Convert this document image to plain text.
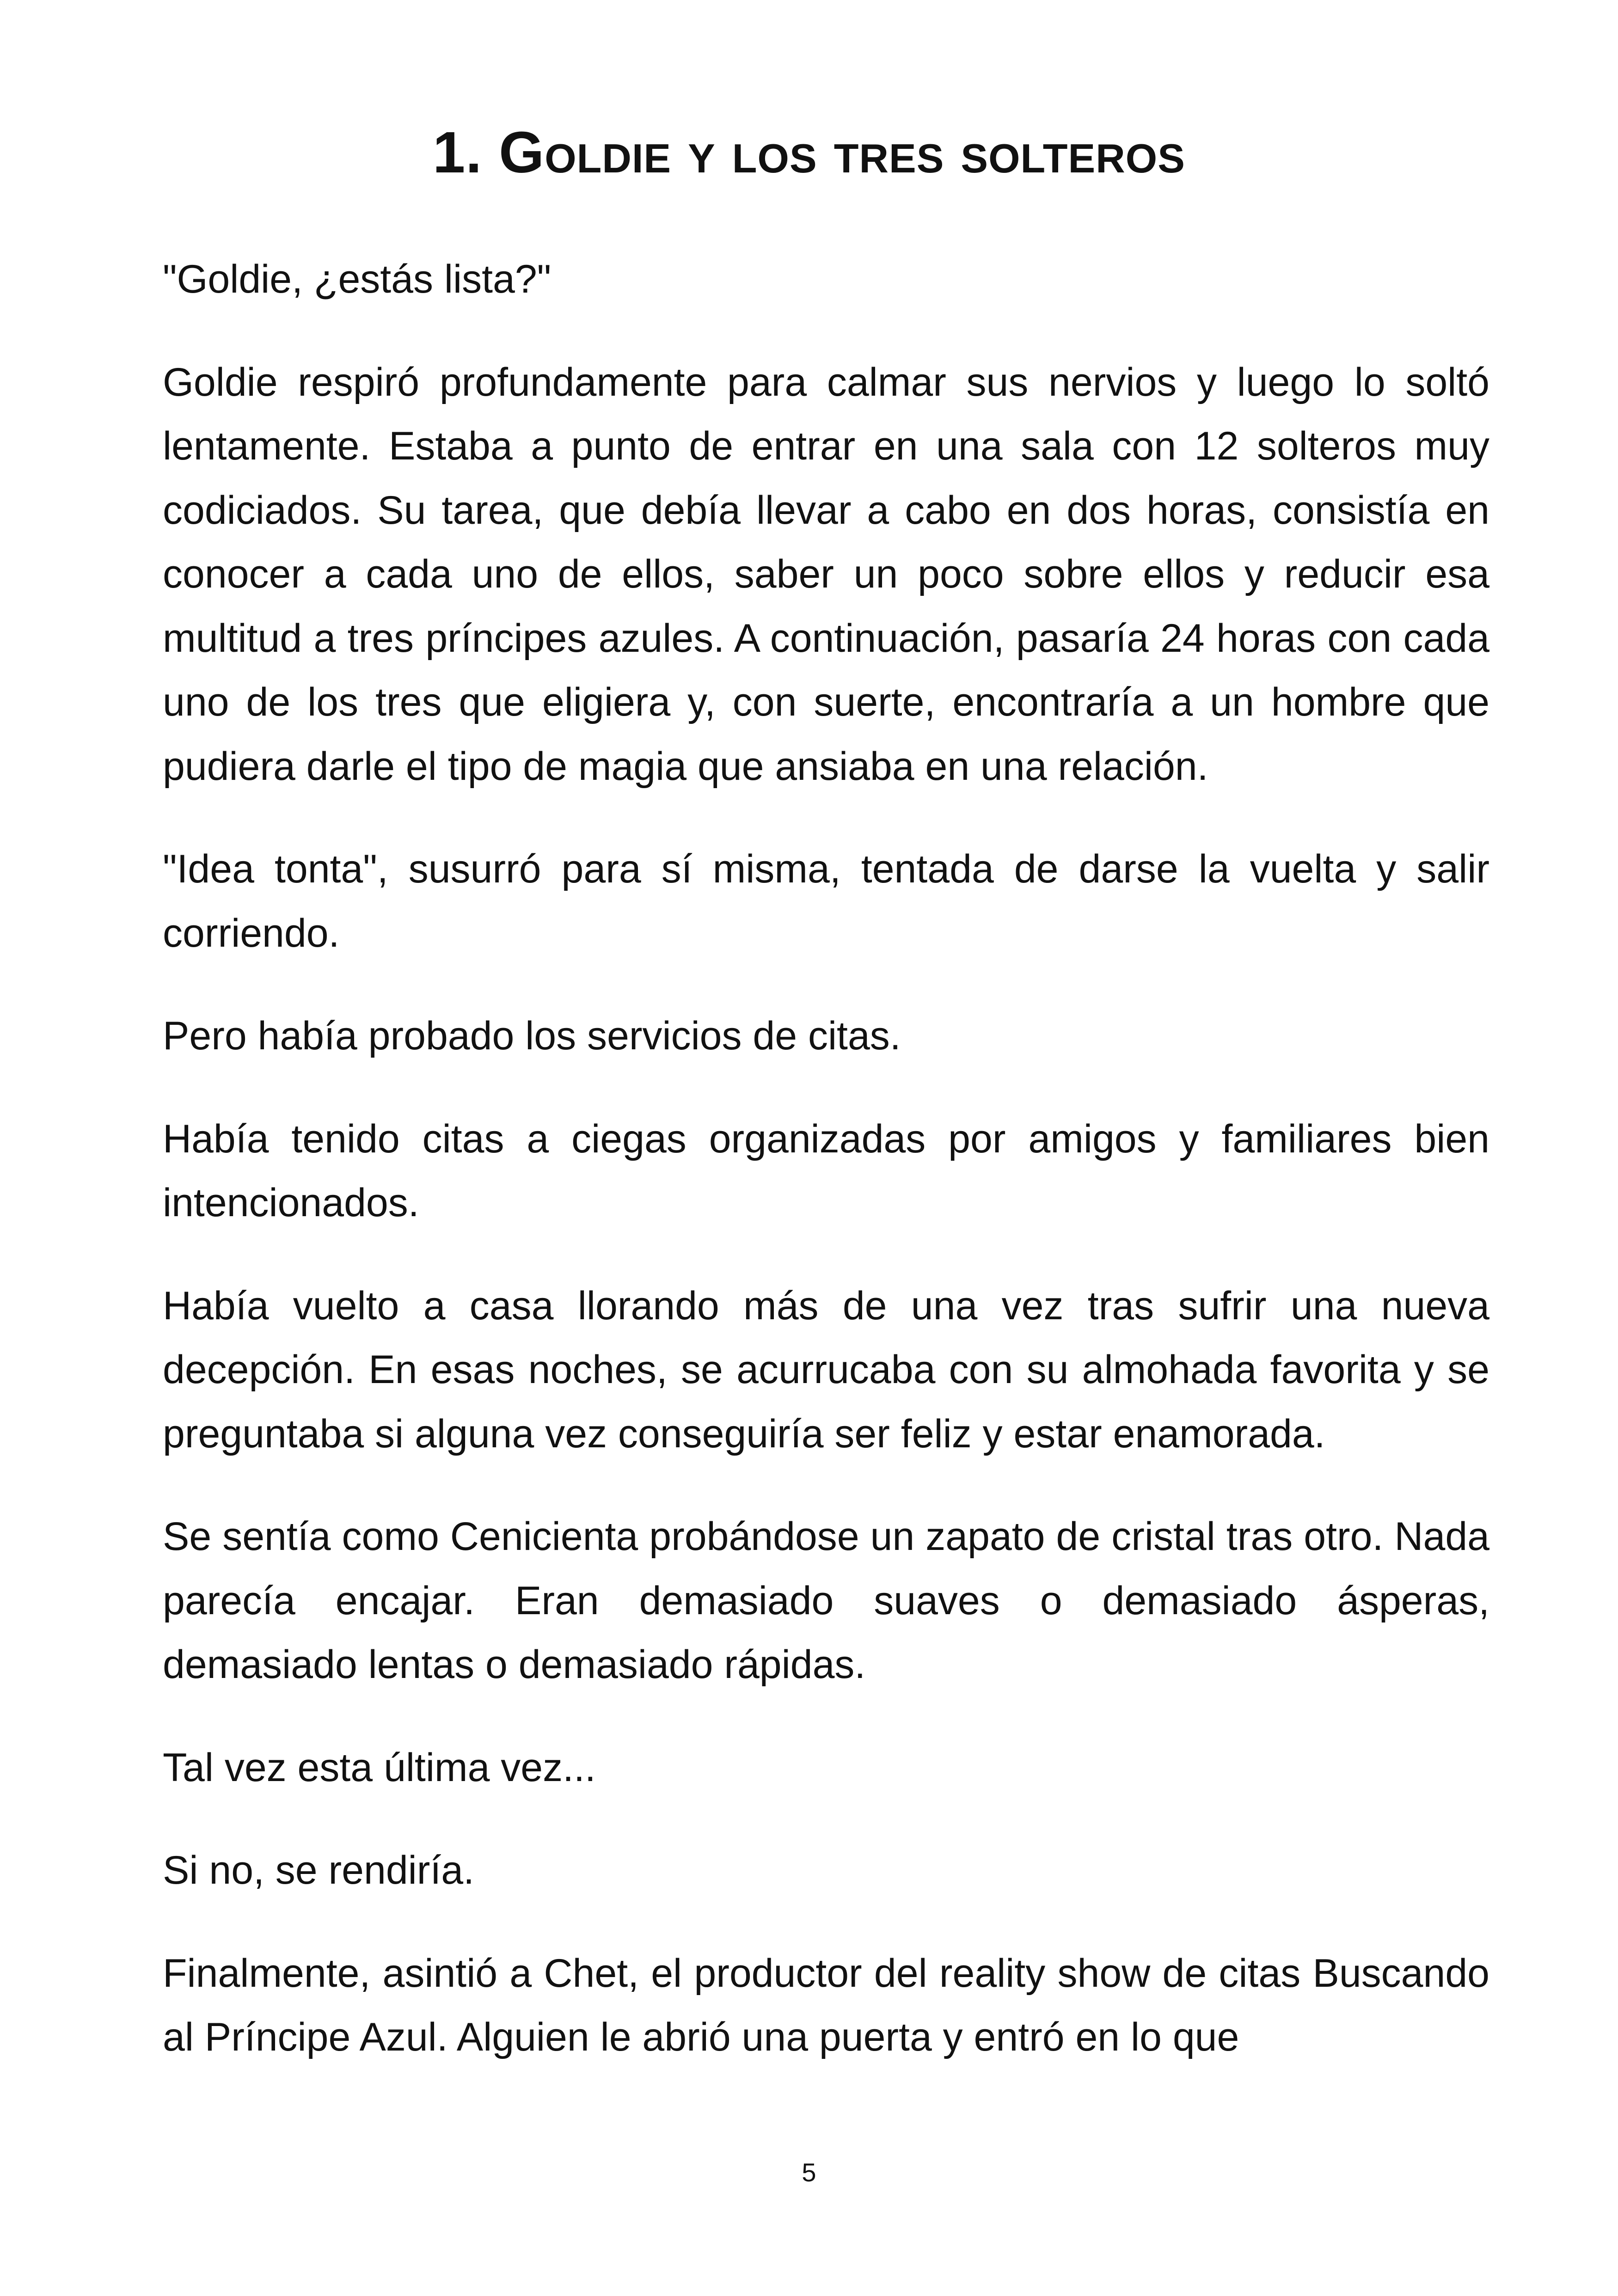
1. Goldie y los tres solteros

"Goldie, ¿estás lista?"

Goldie respiró profundamente para calmar sus nervios y luego lo soltó lentamente. Estaba a punto de entrar en una sala con 12 solteros muy codiciados. Su tarea, que debía llevar a cabo en dos horas, consistía en conocer a cada uno de ellos, saber un poco sobre ellos y reducir esa multitud a tres príncipes azules. A continuación, pasaría 24 horas con cada uno de los tres que eligiera y, con suerte, encontraría a un hombre que pudiera darle el tipo de magia que ansiaba en una relación.

"Idea tonta", susurró para sí misma, tentada de darse la vuelta y salir corriendo.

Pero había probado los servicios de citas.

Había tenido citas a ciegas organizadas por amigos y familiares bien intencionados.

Había vuelto a casa llorando más de una vez tras sufrir una nueva decepción. En esas noches, se acurrucaba con su almohada favorita y se preguntaba si alguna vez conseguiría ser feliz y estar enamorada.

Se sentía como Cenicienta probándose un zapato de cristal tras otro. Nada parecía encajar. Eran demasiado suaves o demasiado ásperas, demasiado lentas o demasiado rápidas.

Tal vez esta última vez...

Si no, se rendiría.

Finalmente, asintió a Chet, el productor del reality show de citas Buscando al Príncipe Azul. Alguien le abrió una puerta y entró en lo que

5
